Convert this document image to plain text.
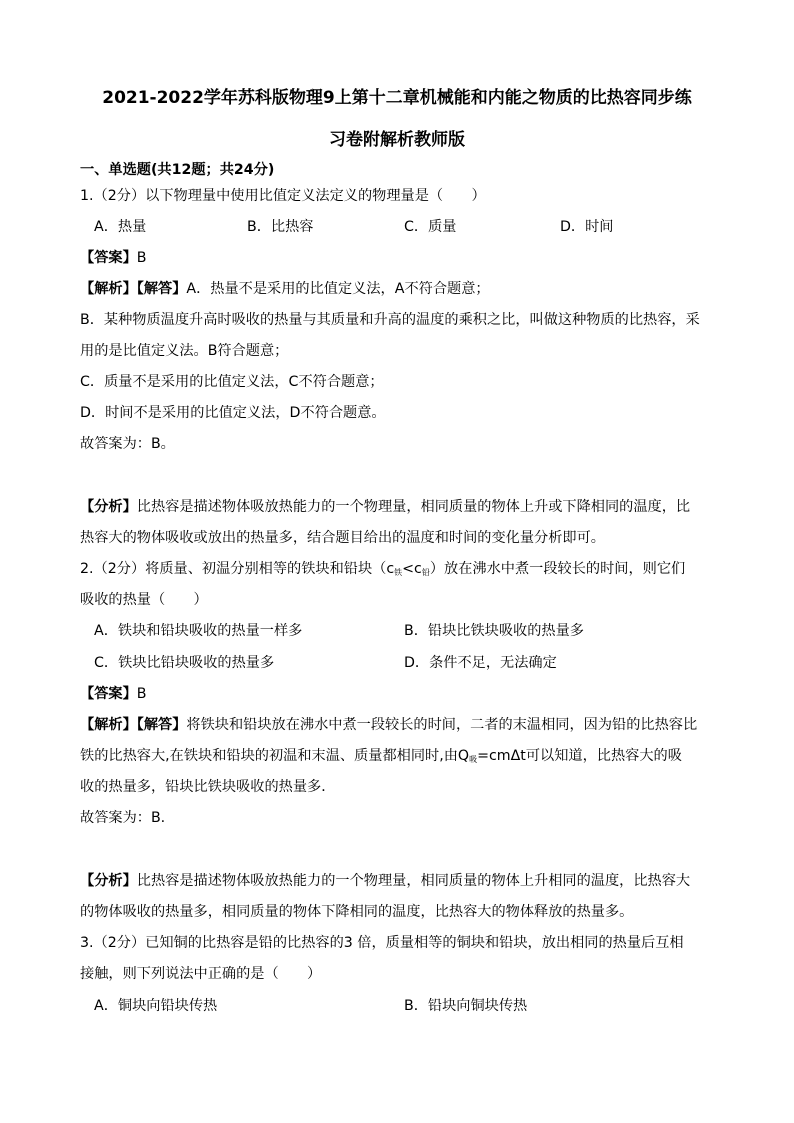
2021-2022学年苏科版物理9上第十二章机械能和内能之物质的比热容同步练
习卷附解析教师版
一、单选题(共12题；共24分)
1.（2分）以下物理量中使用比值定义法定义的物理量是（　　）
A．热量	B．比热容	C．质量	D．时间
【答案】B
【解析】【解答】A．热量不是采用的比值定义法，A不符合题意；
B．某种物质温度升高时吸收的热量与其质量和升高的温度的乘积之比，叫做这种物质的比热容，采
用的是比值定义法。B符合题意；
C．质量不是采用的比值定义法，C不符合题意；
D．时间不是采用的比值定义法，D不符合题意。
故答案为：B。
【分析】比热容是描述物体吸放热能力的一个物理量，相同质量的物体上升或下降相同的温度，比
热容大的物体吸收或放出的热量多，结合题目给出的温度和时间的变化量分析即可。
2.（2分）将质量、初温分别相等的铁块和铅块$(c_铁<c_铅)$放在沸水中煮一段较长的时间，则它们
吸收的热量（　　）
A．铁块和铅块吸收的热量一样多	B．铅块比铁块吸收的热量多
C．铁块比铅块吸收的热量多	D．条件不足，无法确定
【答案】B
【解析】【解答】将铁块和铅块放在沸水中煮一段较长的时间，二者的末温相同，因为铅的比热容比
铁的比热容大,在铁块和铅块的初温和末温、质量都相同时,由$Q_吸=cm\Delta t$可以知道，比热容大的吸
收的热量多，铅块比铁块吸收的热量多．
故答案为：B.
【分析】比热容是描述物体吸放热能力的一个物理量，相同质量的物体上升相同的温度，比热容大
的物体吸收的热量多，相同质量的物体下降相同的温度，比热容大的物体释放的热量多。
3.（2分）已知铜的比热容是铅的比热容的3 倍，质量相等的铜块和铅块，放出相同的热量后互相
接触，则下列说法中正确的是（　　）
A．铜块向铅块传热	B．铅块向铜块传热
